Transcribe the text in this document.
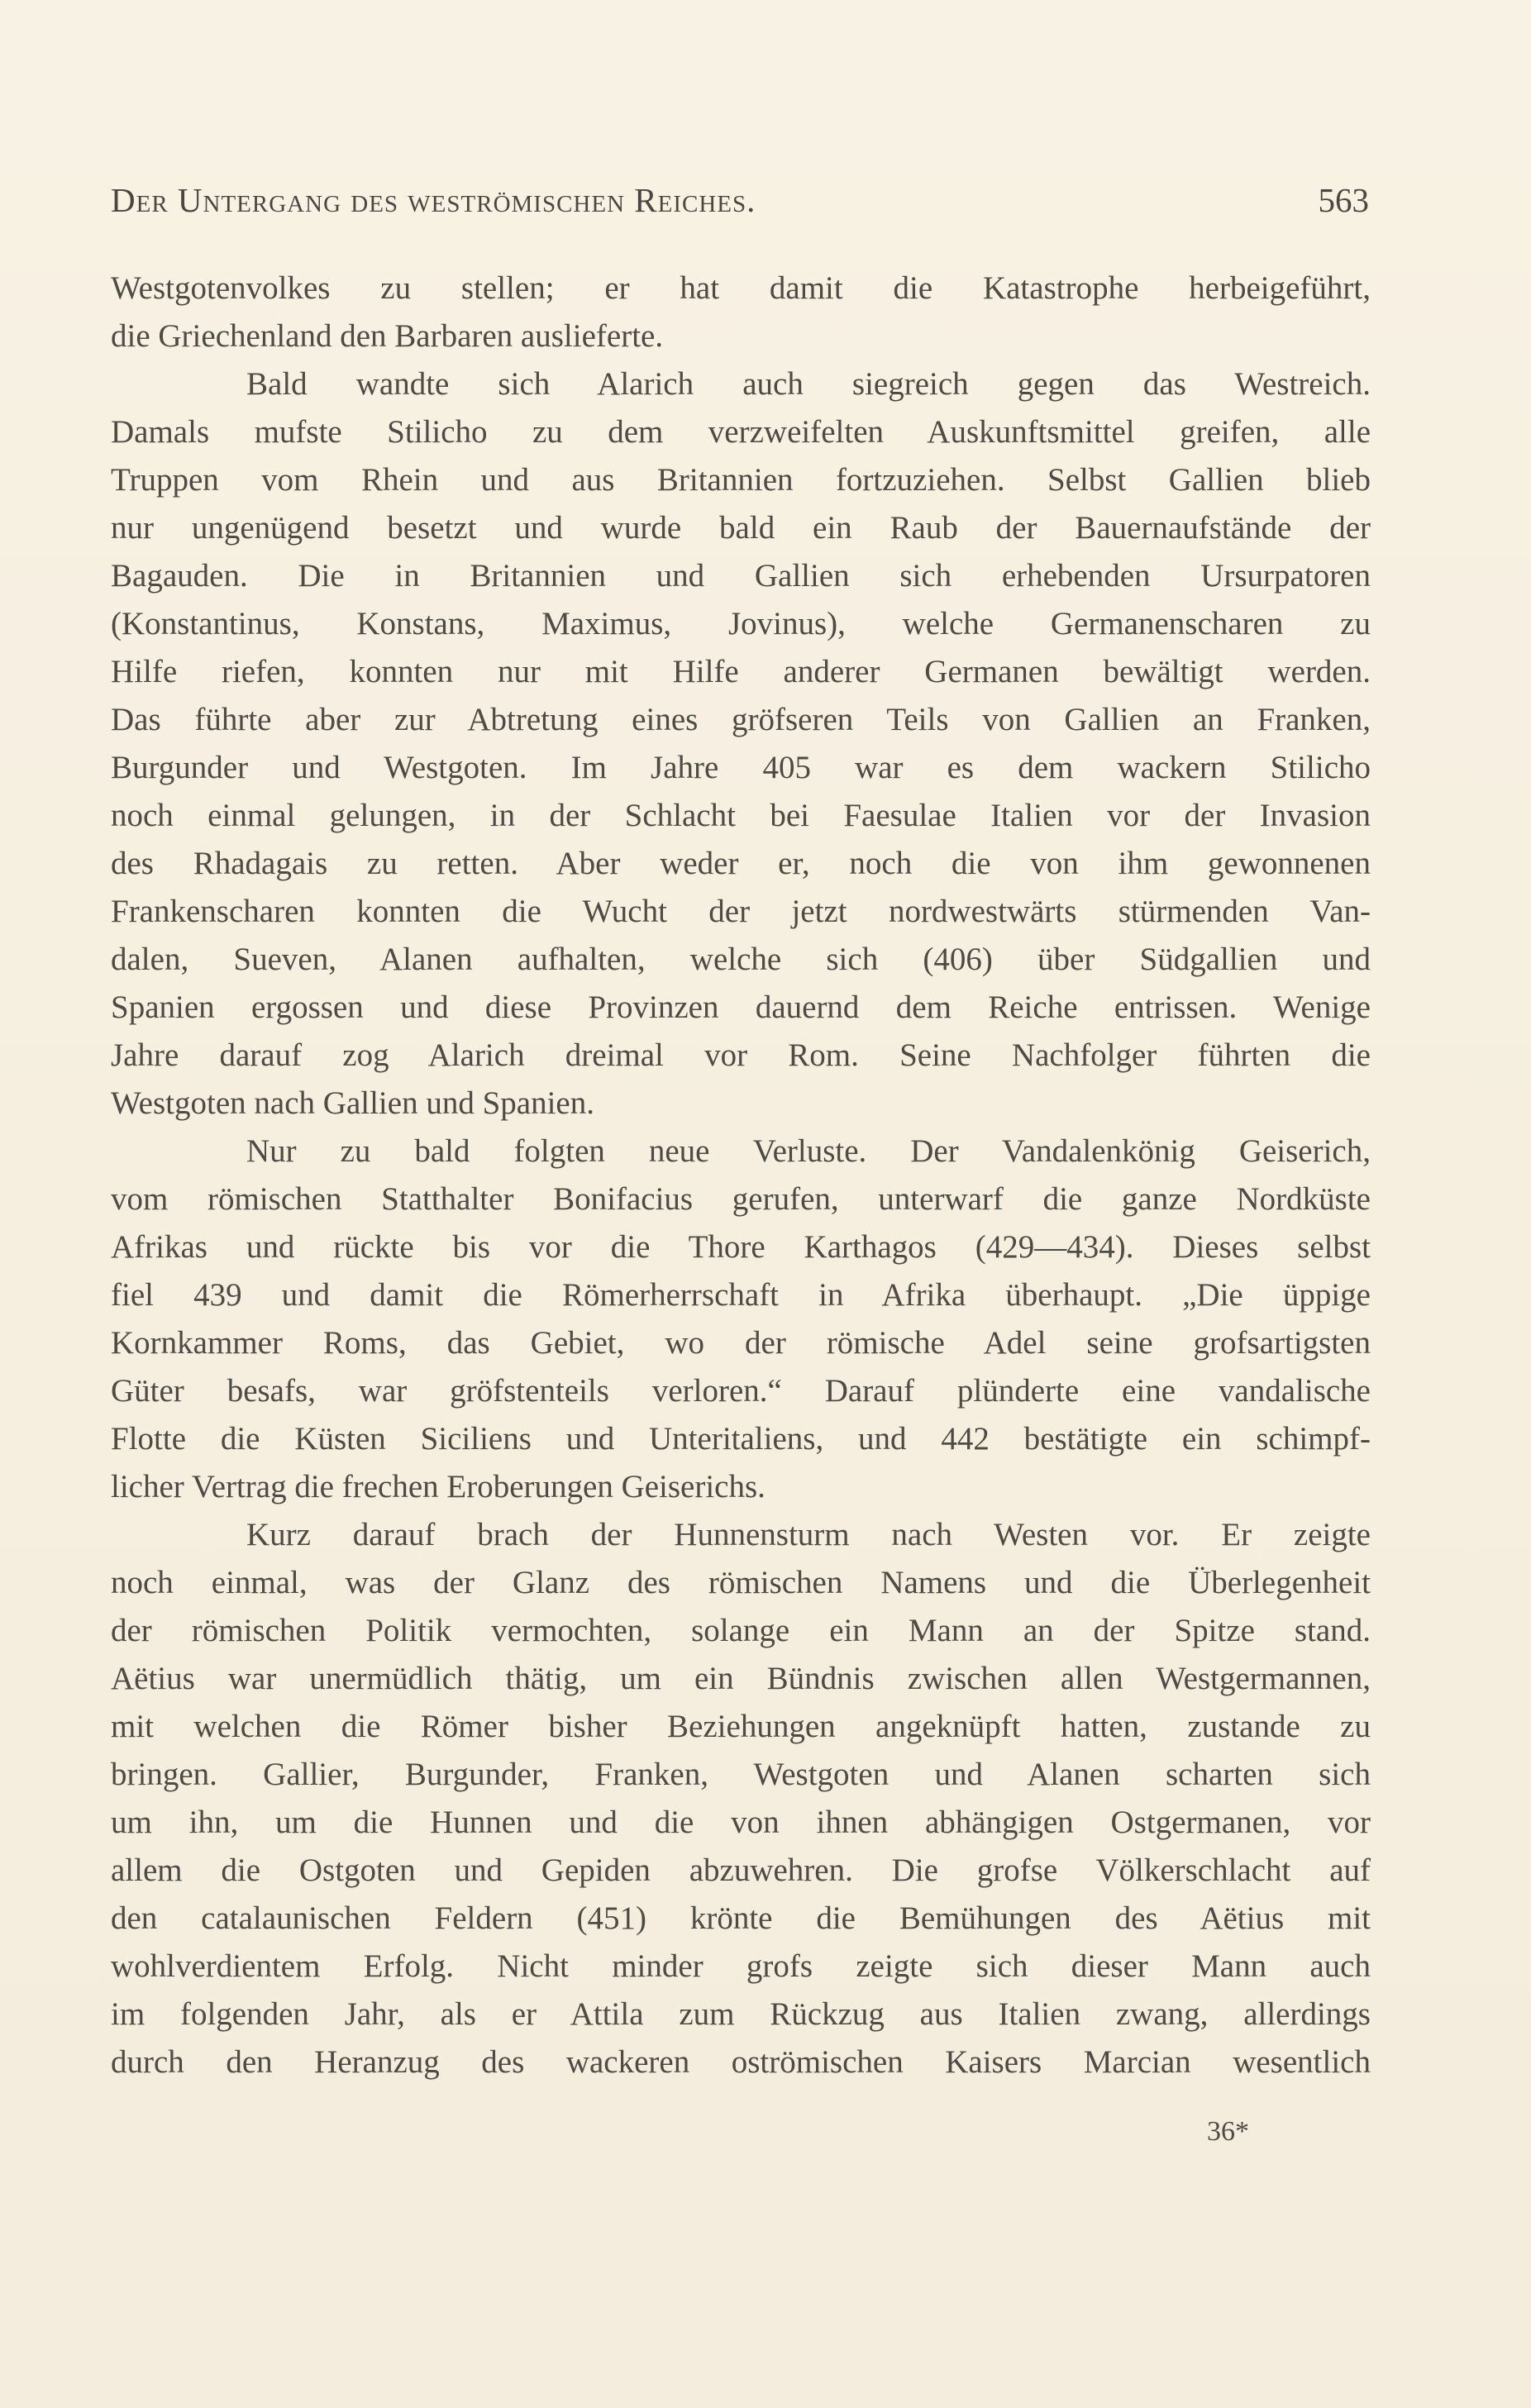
Der Untergang des weströmischen Reiches.	563
Westgotenvolkes zu stellen; er hat damit die Katastrophe herbeigeführt,
die Griechenland den Barbaren auslieferte.
Bald wandte sich Alarich auch siegreich gegen das Westreich.
Damals mufste Stilicho zu dem verzweifelten Auskunftsmittel greifen, alle
Truppen vom Rhein und aus Britannien fortzuziehen. Selbst Gallien blieb
nur ungenügend besetzt und wurde bald ein Raub der Bauernaufstände der
Bagauden. Die in Britannien und Gallien sich erhebenden Ursurpatoren
(Konstantinus, Konstans, Maximus, Jovinus), welche Germanenscharen zu
Hilfe riefen, konnten nur mit Hilfe anderer Germanen bewältigt werden.
Das führte aber zur Abtretung eines gröfseren Teils von Gallien an Franken,
Burgunder und Westgoten. Im Jahre 405 war es dem wackern Stilicho
noch einmal gelungen, in der Schlacht bei Faesulae Italien vor der Invasion
des Rhadagais zu retten. Aber weder er, noch die von ihm gewonnenen
Frankenscharen konnten die Wucht der jetzt nordwestwärts stürmenden Van-
dalen, Sueven, Alanen aufhalten, welche sich (406) über Südgallien und
Spanien ergossen und diese Provinzen dauernd dem Reiche entrissen. Wenige
Jahre darauf zog Alarich dreimal vor Rom. Seine Nachfolger führten die
Westgoten nach Gallien und Spanien.
Nur zu bald folgten neue Verluste. Der Vandalenkönig Geiserich,
vom römischen Statthalter Bonifacius gerufen, unterwarf die ganze Nordküste
Afrikas und rückte bis vor die Thore Karthagos (429—434). Dieses selbst
fiel 439 und damit die Römerherrschaft in Afrika überhaupt. „Die üppige
Kornkammer Roms, das Gebiet, wo der römische Adel seine grofsartigsten
Güter besafs, war gröfstenteils verloren.“ Darauf plünderte eine vandalische
Flotte die Küsten Siciliens und Unteritaliens, und 442 bestätigte ein schimpf-
licher Vertrag die frechen Eroberungen Geiserichs.
Kurz darauf brach der Hunnensturm nach Westen vor. Er zeigte
noch einmal, was der Glanz des römischen Namens und die Überlegenheit
der römischen Politik vermochten, solange ein Mann an der Spitze stand.
Aëtius war unermüdlich thätig, um ein Bündnis zwischen allen Westgermannen,
mit welchen die Römer bisher Beziehungen angeknüpft hatten, zustande zu
bringen. Gallier, Burgunder, Franken, Westgoten und Alanen scharten sich
um ihn, um die Hunnen und die von ihnen abhängigen Ostgermanen, vor
allem die Ostgoten und Gepiden abzuwehren. Die grofse Völkerschlacht auf
den catalaunischen Feldern (451) krönte die Bemühungen des Aëtius mit
wohlverdientem Erfolg. Nicht minder grofs zeigte sich dieser Mann auch
im folgenden Jahr, als er Attila zum Rückzug aus Italien zwang, allerdings
durch den Heranzug des wackeren oströmischen Kaisers Marcian wesentlich
36*
